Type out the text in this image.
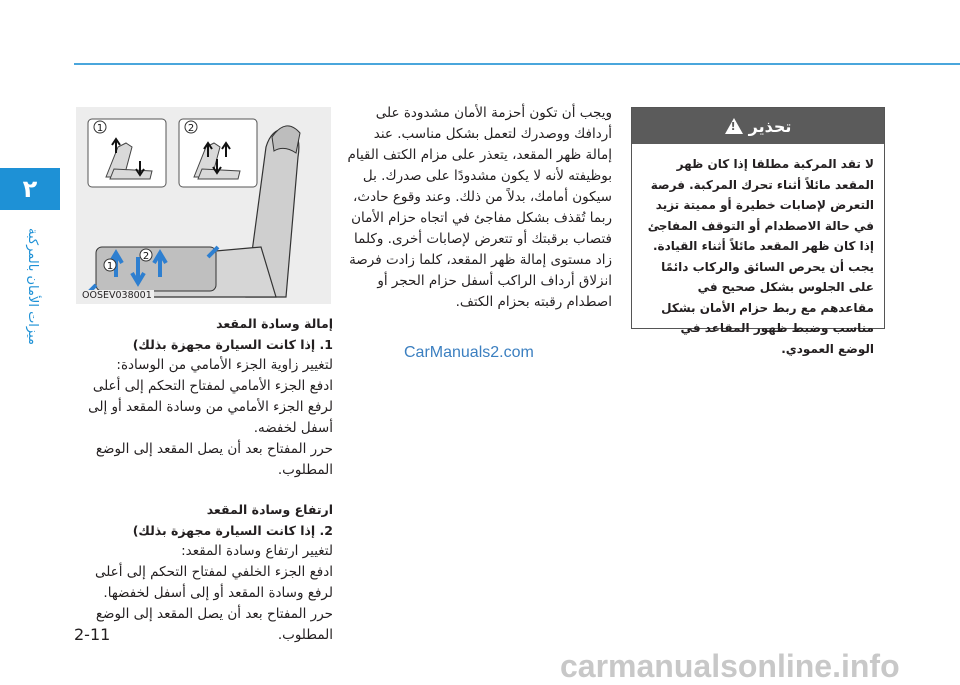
٢
ميزات الأمان بالمركبة
2-11
تحذير
!
لا تقد المركبة مطلقا إذا كان ظهر المقعد مائلاً أثناء تحرك المركبة. فرصة التعرض لإصابات خطيرة أو مميتة تزيد في حالة الاصطدام أو التوقف المفاجئ إذا كان ظهر المقعد مائلاً أثناء القيادة. يجب أن يحرص السائق والركاب دائمًا على الجلوس بشكل صحيح في مقاعدهم مع ربط حزام الأمان بشكل مناسب وضبط ظهور المقاعد في الوضع العمودي.
ويجب أن تكون أحزمة الأمان مشدودة على أردافك ووصدرك لتعمل بشكل مناسب. عند إمالة ظهر المقعد، يتعذر على مزام الكتف القيام بوظيفته لأنه لا يكون مشدودًا على صدرك. بل سيكون أمامك، بدلاً من ذلك. وعند وقوع حادث، ربما تُقذف بشكل مفاجئ في اتجاه حزام الأمان فتصاب برقبتك أو تتعرض لإصابات أخرى. وكلما زاد مستوى إمالة ظهر المقعد، كلما زادت فرصة انزلاق أرداف الراكب أسفل حزام الحجر أو اصطدام رقبته بحزام الكتف.
1	2
1
2
OOSEV038001
إمالة وسادة المقعد
1. إذا كانت السيارة مجهزة بذلك)
لتغيير زاوية الجزء الأمامي من الوسادة:
ادفع الجزء الأمامي لمفتاح التحكم إلى أعلى لرفع الجزء الأمامي من وسادة المقعد أو إلى أسفل لخفضه.
حرر المفتاح بعد أن يصل المقعد إلى الوضع المطلوب.
ارتفاع وسادة المقعد
2. إذا كانت السيارة مجهزة بذلك)
لتغيير ارتفاع وسادة المقعد:
ادفع الجزء الخلفي لمفتاح التحكم إلى أعلى لرفع وسادة المقعد أو إلى أسفل لخفضها.
حرر المفتاح بعد أن يصل المقعد إلى الوضع المطلوب.
CarManuals2.com
carmanualsonline.info
